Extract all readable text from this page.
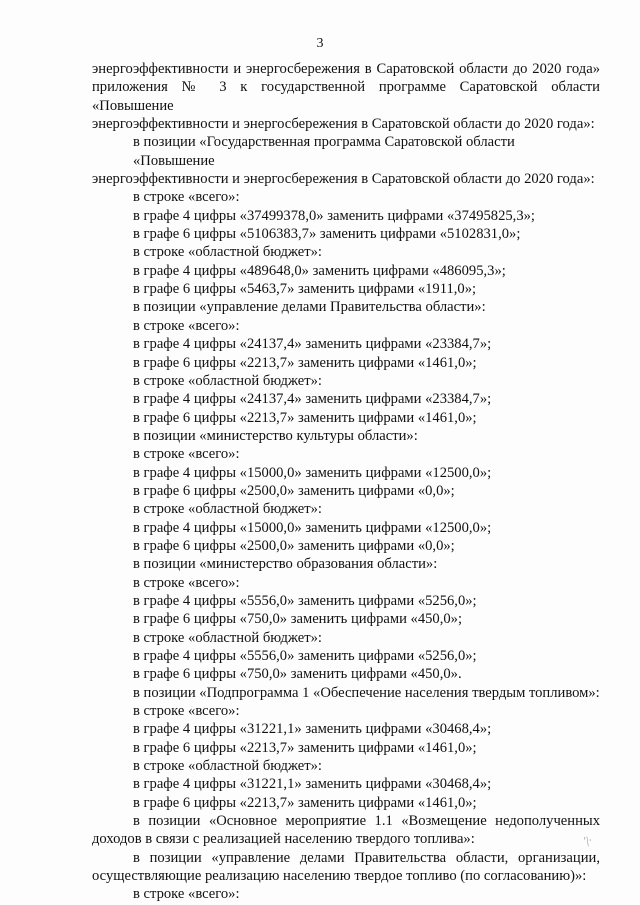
3

энергоэффективности и энергосбережения в Саратовской области до 2020 года»

приложения № 3 к государственной программе Саратовской области «Повышение

энергоэффективности и энергосбережения в Саратовской области до 2020 года»:

в позиции «Государственная программа Саратовской области «Повышение

энергоэффективности и энергосбережения в Саратовской области до 2020 года»:

в строке «всего»:

в графе 4 цифры «37499378,0» заменить цифрами «37495825,3»;

в графе 6 цифры «5106383,7» заменить цифрами «5102831,0»;

в строке «областной бюджет»:

в графе 4 цифры «489648,0» заменить цифрами «486095,3»;

в графе 6 цифры «5463,7» заменить цифрами «1911,0»;

в позиции «управление делами Правительства области»:

в строке «всего»:

в графе 4 цифры «24137,4» заменить цифрами «23384,7»;

в графе 6 цифры «2213,7» заменить цифрами «1461,0»;

в строке «областной бюджет»:

в графе 4 цифры «24137,4» заменить цифрами «23384,7»;

в графе 6 цифры «2213,7» заменить цифрами «1461,0»;

в позиции «министерство культуры области»:

в строке «всего»:

в графе 4 цифры «15000,0» заменить цифрами «12500,0»;

в графе 6 цифры «2500,0» заменить цифрами «0,0»;

в строке «областной бюджет»:

в графе 4 цифры «15000,0» заменить цифрами «12500,0»;

в графе 6 цифры «2500,0» заменить цифрами «0,0»;

в позиции «министерство образования области»:

в строке «всего»:

в графе 4 цифры «5556,0» заменить цифрами «5256,0»;

в графе 6 цифры «750,0» заменить цифрами «450,0»;

в строке «областной бюджет»:

в графе 4 цифры «5556,0» заменить цифрами «5256,0»;

в графе 6 цифры «750,0» заменить цифрами «450,0».

в позиции «Подпрограмма 1 «Обеспечение населения твердым топливом»:

в строке «всего»:

в графе 4 цифры «31221,1» заменить цифрами «30468,4»;

в графе 6 цифры «2213,7» заменить цифрами «1461,0»;

в строке «областной бюджет»:

в графе 4 цифры «31221,1» заменить цифрами «30468,4»;

в графе 6 цифры «2213,7» заменить цифрами «1461,0»;

в позиции «Основное мероприятие 1.1 «Возмещение недополученных

доходов в связи с реализацией населению твердого топлива»:

в позиции «управление делами Правительства области, организации,

осуществляющие реализацию населению твердое топливо (по согласованию)»:

в строке «всего»:

ʹ|·
